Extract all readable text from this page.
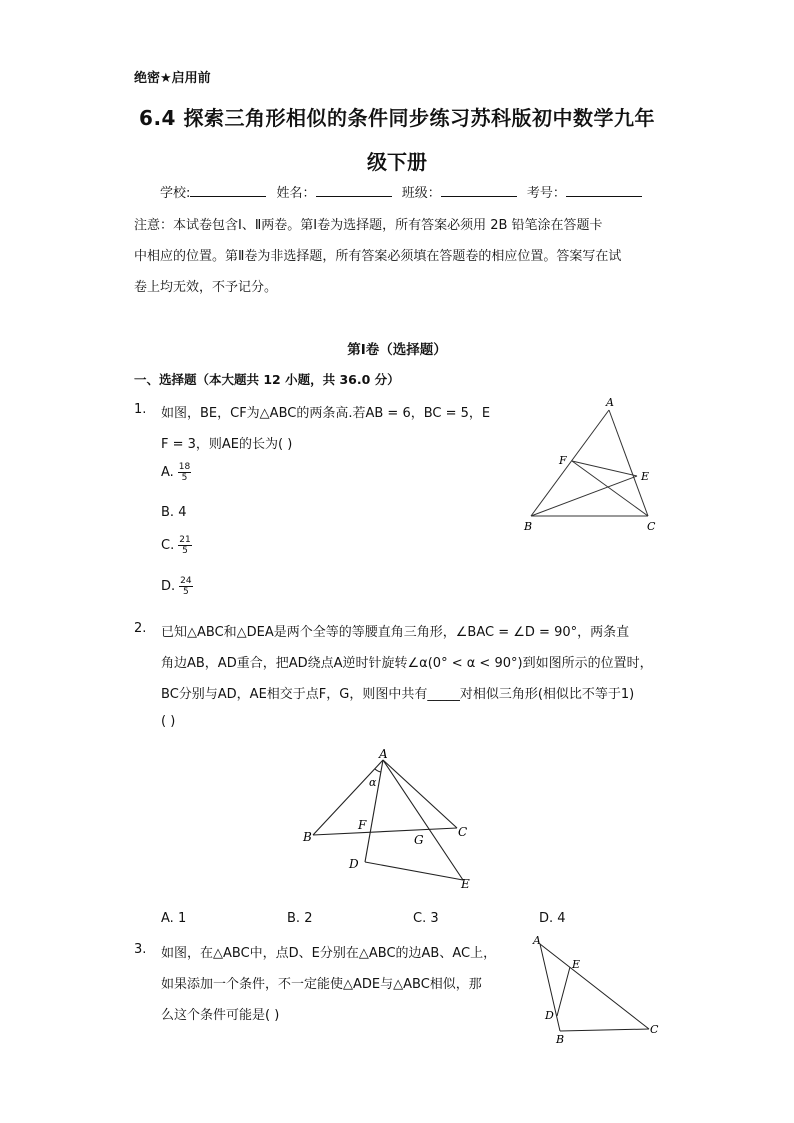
绝密★启用前
6.4 探索三角形相似的条件同步练习苏科版初中数学九年
级下册
学校:	姓名：	班级：	考号：
注意：本试卷包含Ⅰ、Ⅱ两卷。第Ⅰ卷为选择题，所有答案必须用 2B 铅笔涂在答题卡
中相应的位置。第Ⅱ卷为非选择题，所有答案必须填在答题卷的相应位置。答案写在试
卷上均无效，不予记分。
第Ⅰ卷（选择题）
一、选择题（本大题共 12 小题，共 36.0 分）
1. 如图，BE，CF为△ABC的两条高.若AB = 6，BC = 5，E
F = 3，则AE的长为( )
A. $\frac{18}{5}$
B. 4
C. $\frac{21}{5}$
D. $\frac{24}{5}$
A
F
E
B	C
2. 已知△ABC和△DEA是两个全等的等腰直角三角形，∠BAC = ∠D = 90°，两条直
角边AB，AD重合，把AD绕点A逆时针旋转∠α(0° < α < 90°)到如图所示的位置时，
BC分别与AD，AE相交于点F，G，则图中共有_____对相似三角形(相似比不等于1)
( )
A
α
B	C
F
G
D
E
A. 1	B. 2	C. 3	D. 4
3. 如图，在△ABC中，点D、E分别在△ABC的边AB、AC上，
如果添加一个条件，不一定能使△ADE与△ABC相似，那
么这个条件可能是( )
A
E
D
B
C
